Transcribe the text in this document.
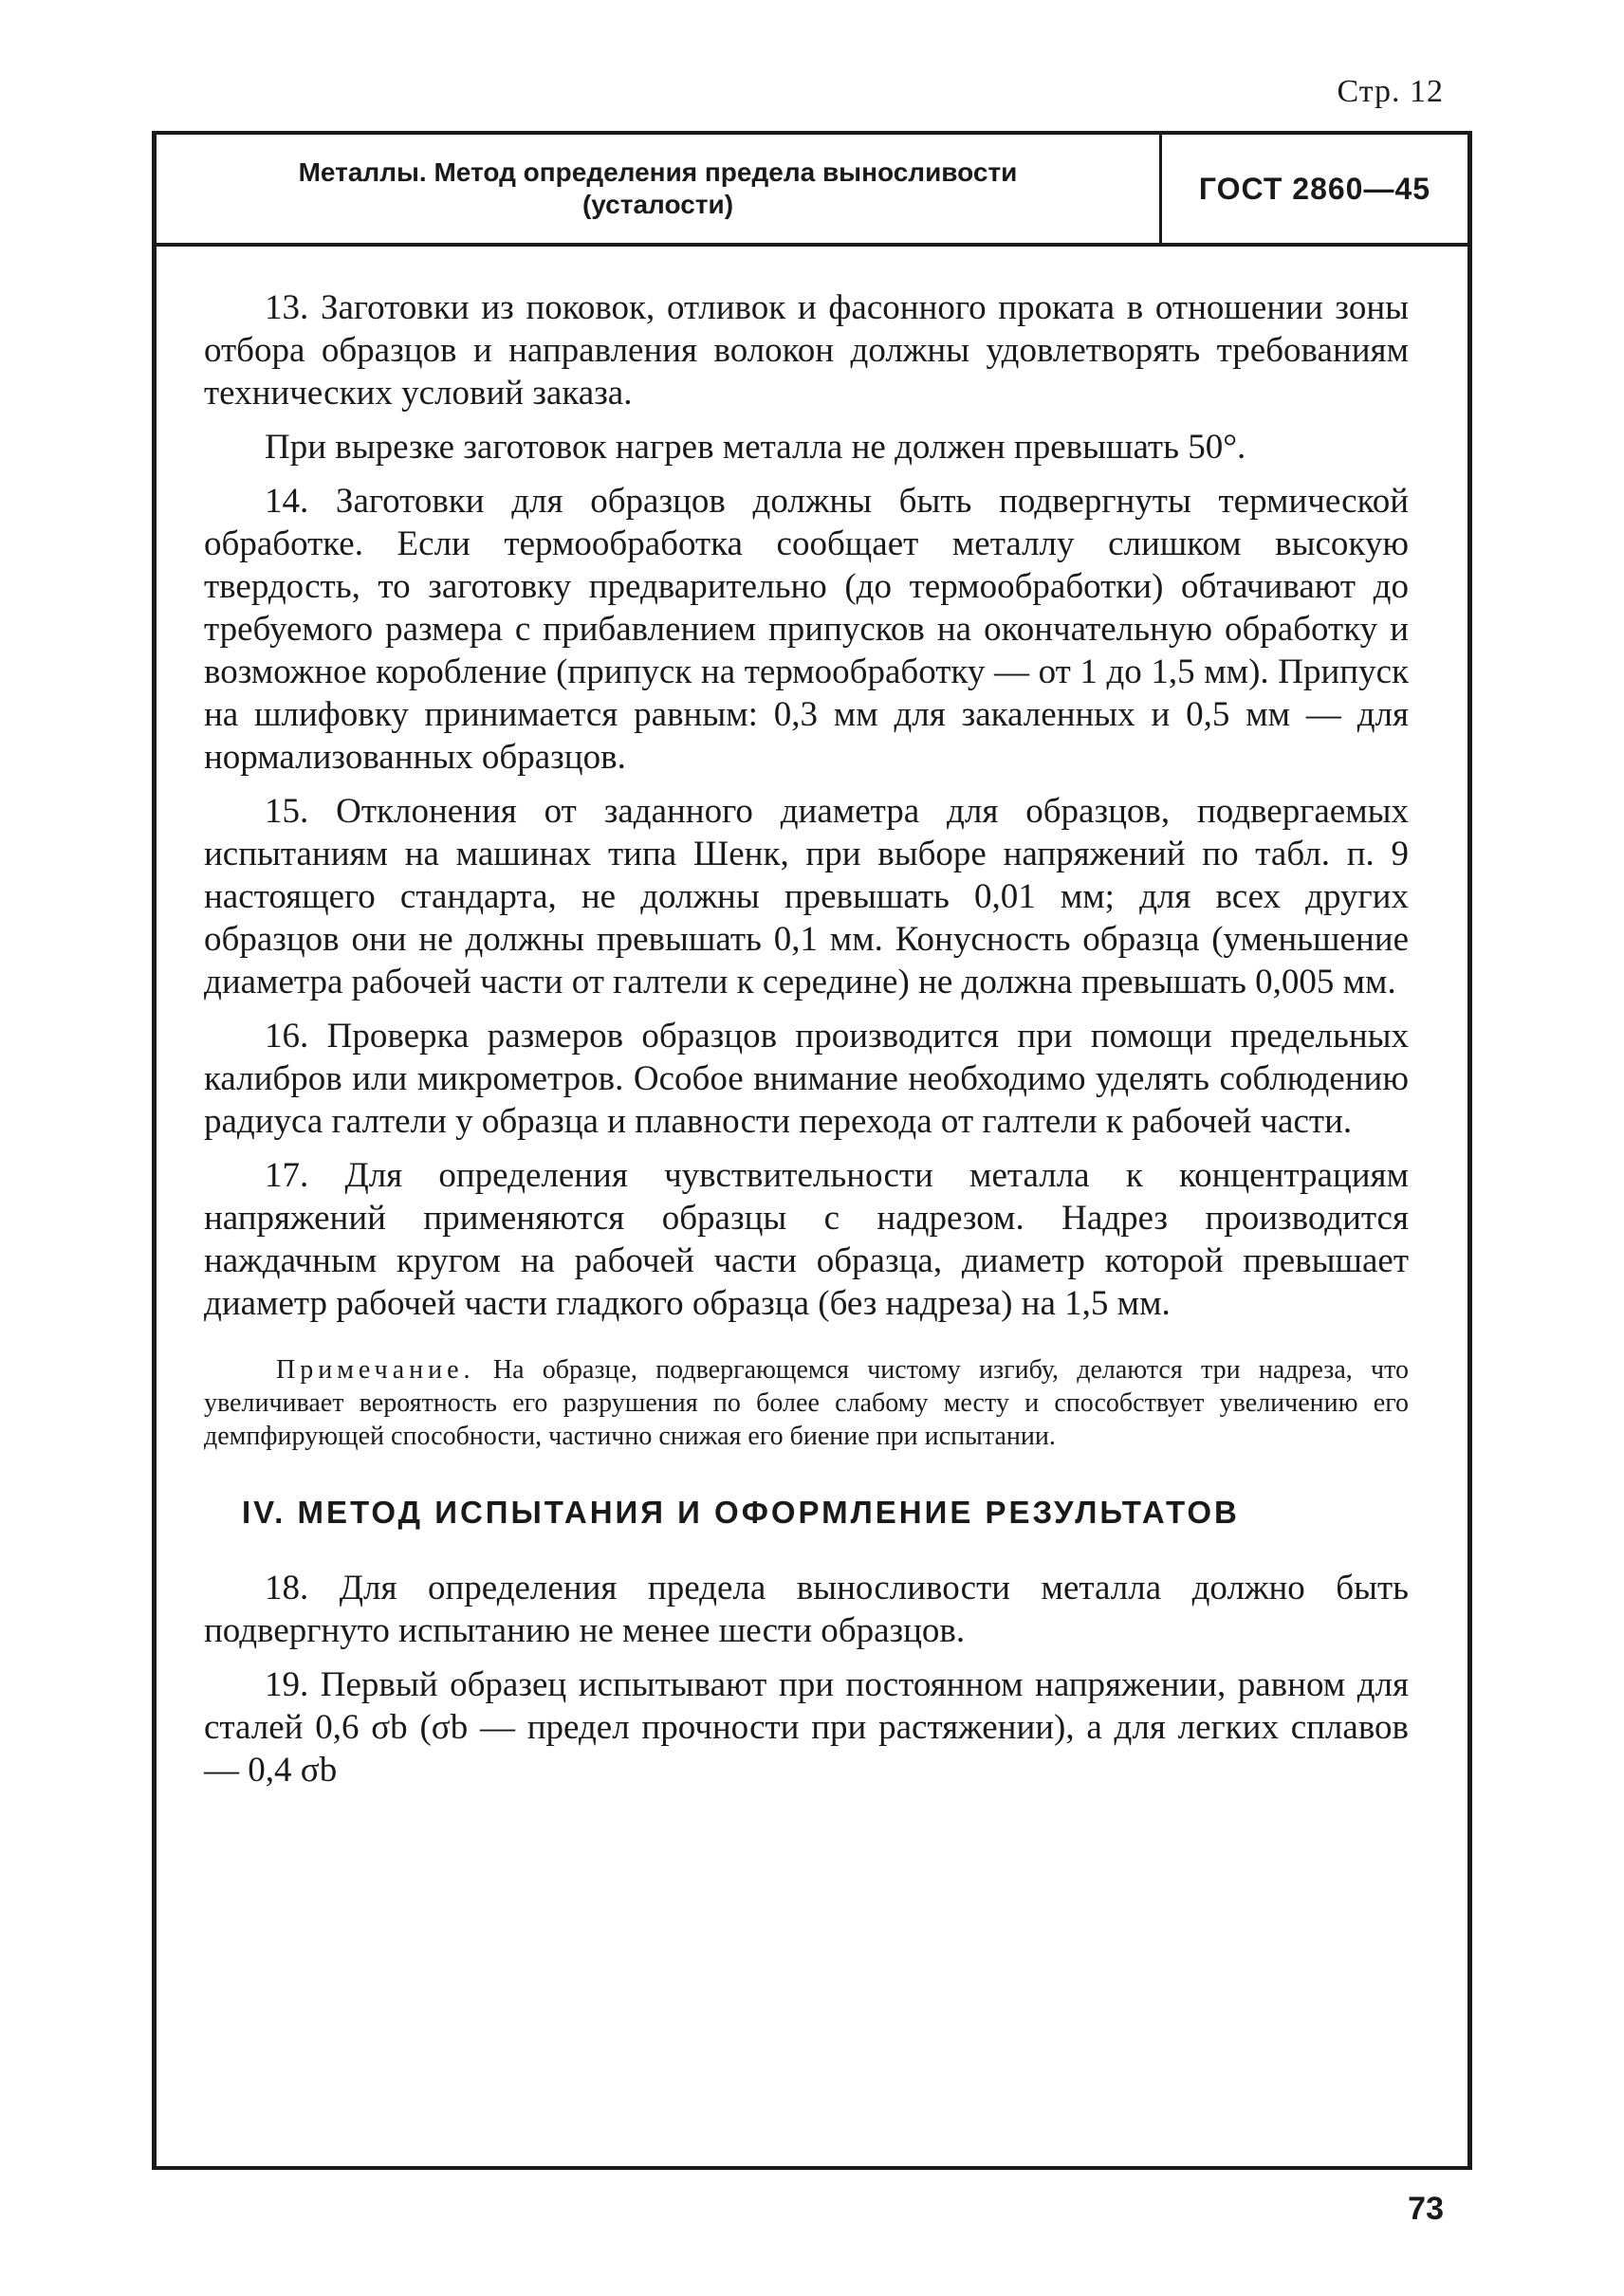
Стр. 12
Металлы. Метод определения предела выносливости
(усталости)	ГОСТ 2860—45

13. Заготовки из поковок, отливок и фасонного проката в отношении зоны отбора образцов и направления волокон должны удовлетворять требованиям технических условий заказа.

При вырезке заготовок нагрев металла не должен превышать 50°.

14. Заготовки для образцов должны быть подвергнуты термической обработке. Если термообработка сообщает металлу слишком высокую твердость, то заготовку предварительно (до термообработки) обтачивают до требуемого размера с прибавлением припусков на окончательную обработку и возможное коробление (припуск на термообработку — от 1 до 1,5 мм). Припуск на шлифовку принимается равным: 0,3 мм для закаленных и 0,5 мм — для нормализованных образцов.

15. Отклонения от заданного диаметра для образцов, подвергаемых испытаниям на машинах типа Шенк, при выборе напряжений по табл. п. 9 настоящего стандарта, не должны превышать 0,01 мм; для всех других образцов они не должны превышать 0,1 мм. Конусность образца (уменьшение диаметра рабочей части от галтели к середине) не должна превышать 0,005 мм.

16. Проверка размеров образцов производится при помощи предельных калибров или микрометров. Особое внимание необходимо уделять соблюдению радиуса галтели у образца и плавности перехода от галтели к рабочей части.

17. Для определения чувствительности металла к концентрациям напряжений применяются образцы с надрезом. Надрез производится наждачным кругом на рабочей части образца, диаметр которой превышает диаметр рабочей части гладкого образца (без надреза) на 1,5 мм.

Примечание. На образце, подвергающемся чистому изгибу, делаются три надреза, что увеличивает вероятность его разрушения по более слабому месту и способствует увеличению его демпфирующей способности, частично снижая его биение при испытании.

IV. МЕТОД ИСПЫТАНИЯ И ОФОРМЛЕНИЕ РЕЗУЛЬТАТОВ

18. Для определения предела выносливости металла должно быть подвергнуто испытанию не менее шести образцов.

19. Первый образец испытывают при постоянном напряжении, равном для сталей 0,6 σb (σb — предел прочности при растяжении), а для легких сплавов — 0,4 σb

73
